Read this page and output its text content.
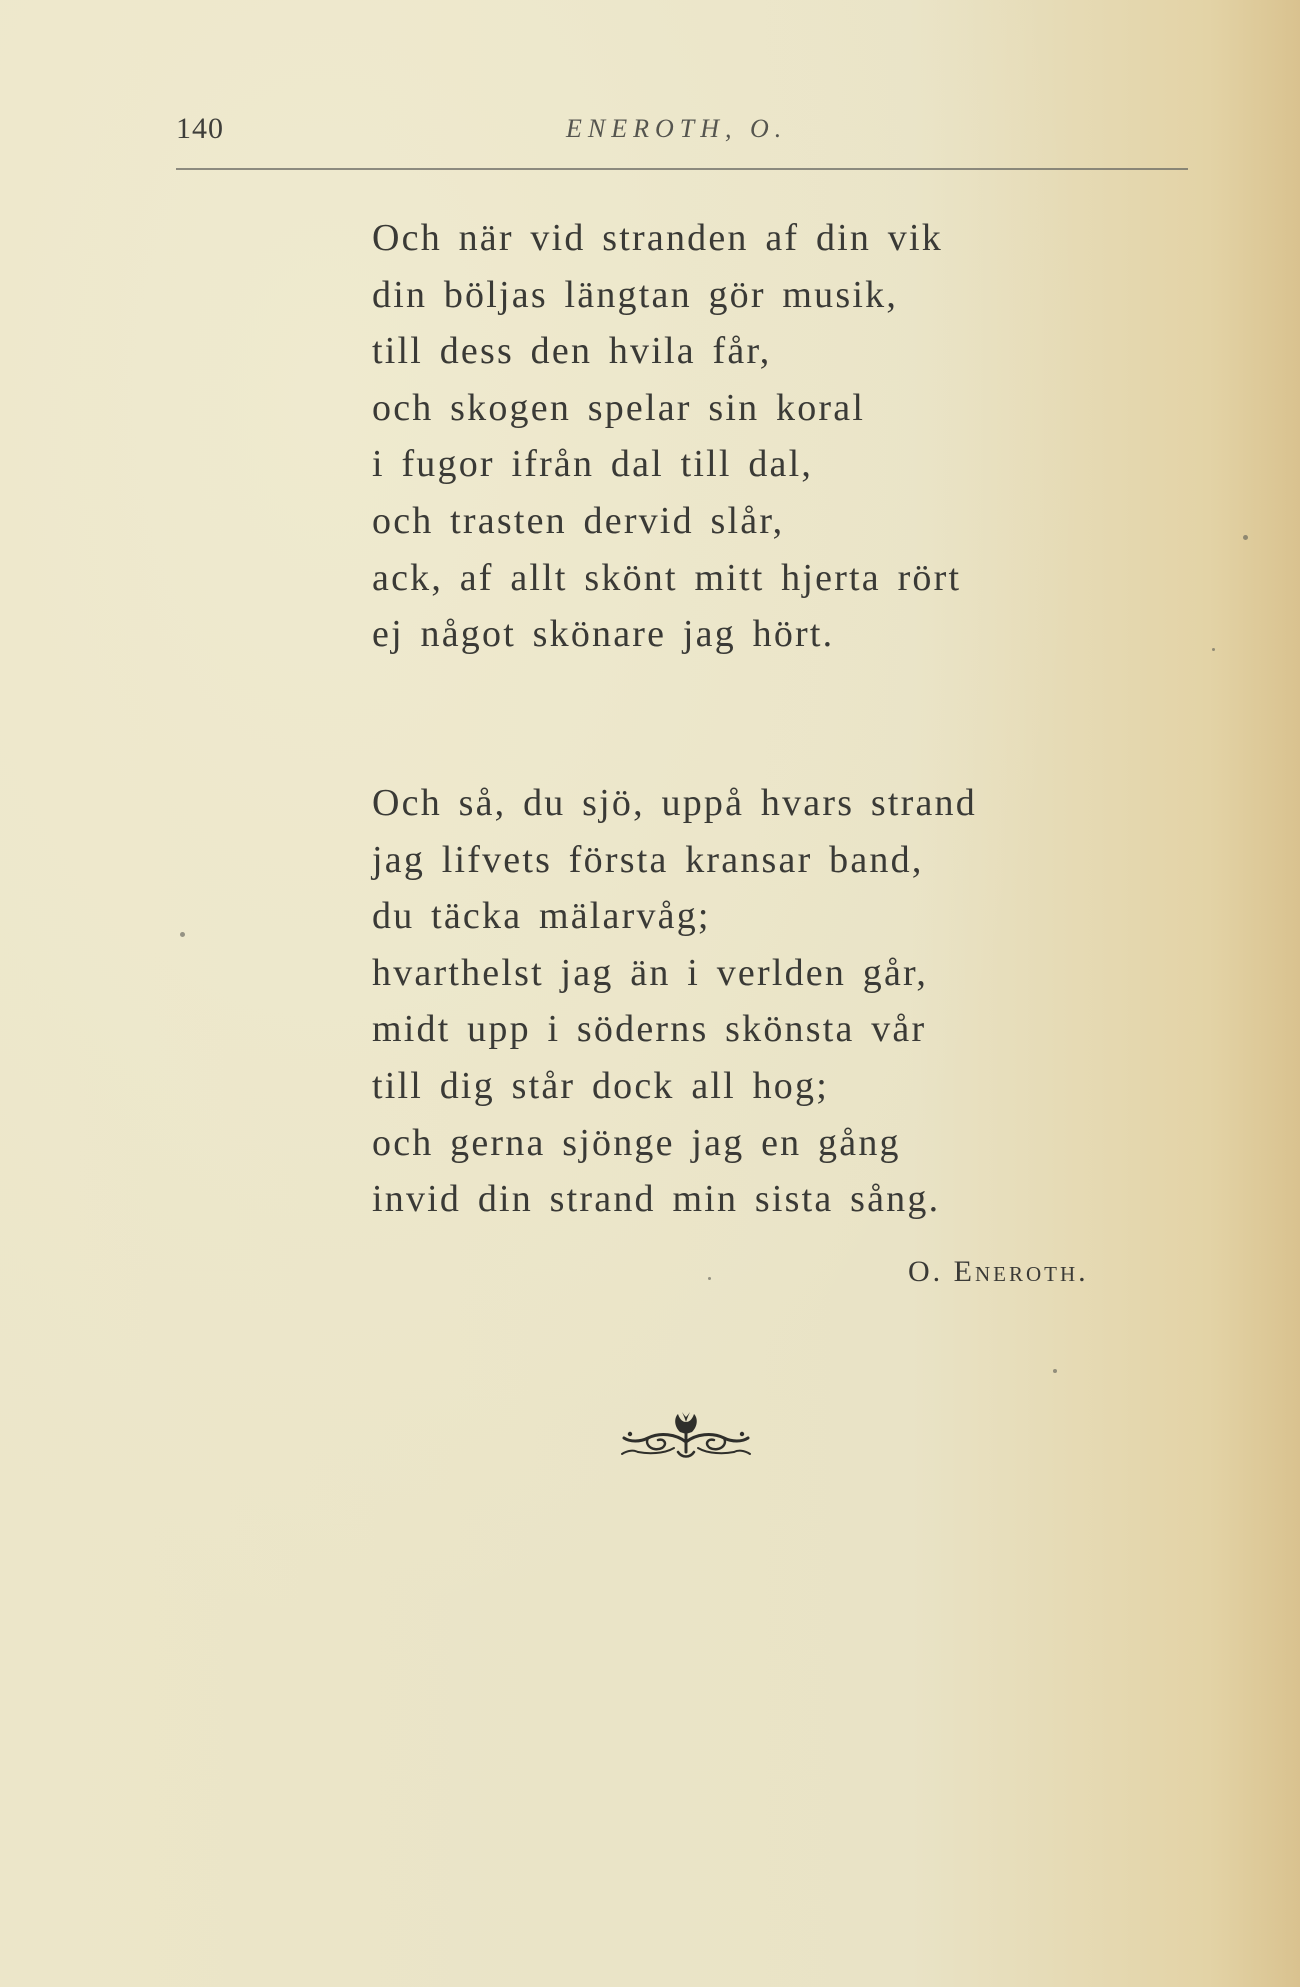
140	ENEROTH, O.
Och när vid stranden af din vik
din böljas längtan gör musik,
till dess den hvila får,
och skogen spelar sin koral
i fugor ifrån dal till dal,
och trasten dervid slår,
ack, af allt skönt mitt hjerta rört
ej något skönare jag hört.
Och så, du sjö, uppå hvars strand
jag lifvets första kransar band,
du täcka mälarvåg;
hvarthelst jag än i verlden går,
midt upp i söderns skönsta vår
till dig står dock all hog;
och gerna sjönge jag en gång
invid din strand min sista sång.
O. Eneroth.
